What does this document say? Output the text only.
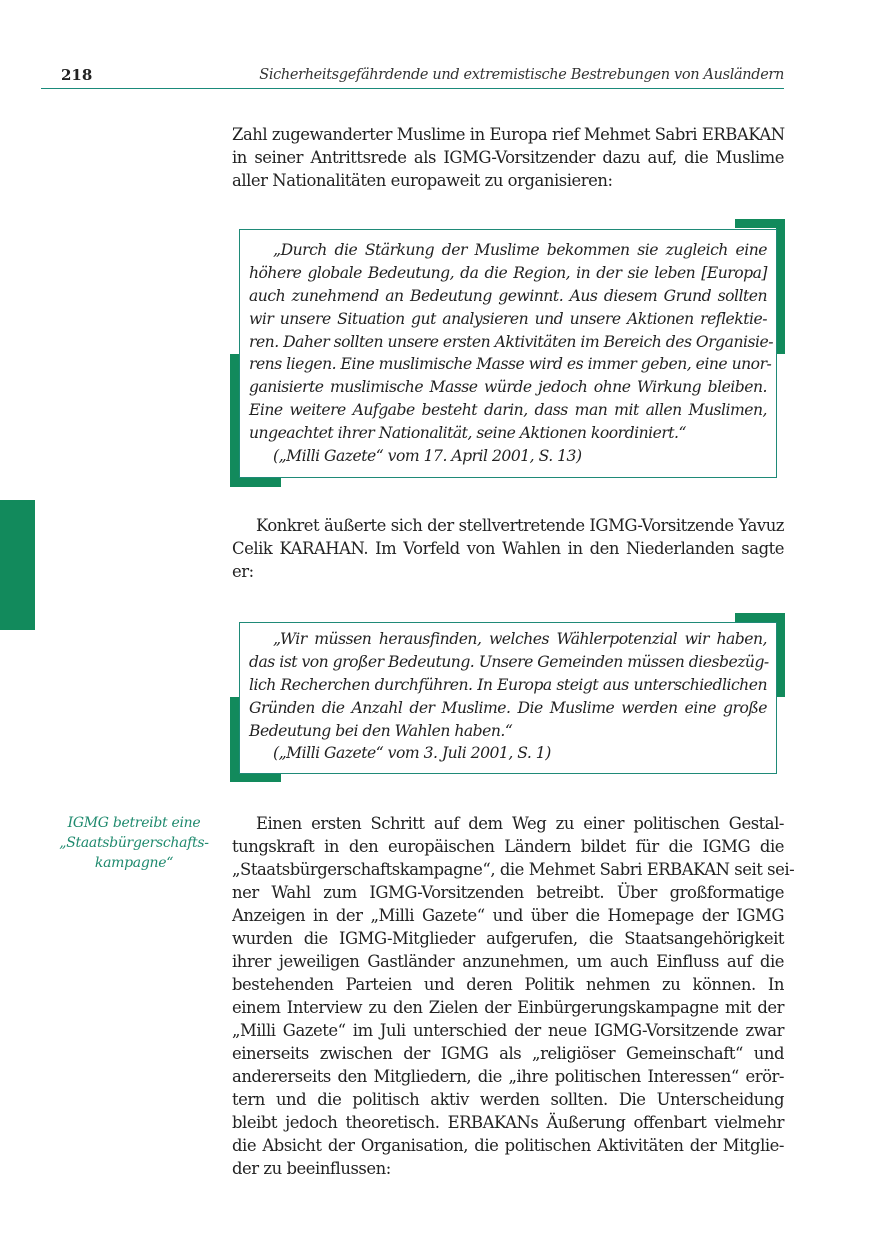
218	Sicherheitsgefährdende und extremistische Bestrebungen von Ausländern
Zahl zugewanderter Muslime in Europa rief Mehmet Sabri ERBAKAN
in seiner Antrittsrede als IGMG-Vorsitzender dazu auf, die Muslime
aller Nationalitäten europaweit zu organisieren:
„Durch die Stärkung der Muslime bekommen sie zugleich eine
höhere globale Bedeutung, da die Region, in der sie leben [Europa]
auch zunehmend an Bedeutung gewinnt. Aus diesem Grund sollten
wir unsere Situation gut analysieren und unsere Aktionen reflektie-
ren. Daher sollten unsere ersten Aktivitäten im Bereich des Organisie-
rens liegen. Eine muslimische Masse wird es immer geben, eine unor-
ganisierte muslimische Masse würde jedoch ohne Wirkung bleiben.
Eine weitere Aufgabe besteht darin, dass man mit allen Muslimen,
ungeachtet ihrer Nationalität, seine Aktionen koordiniert.“
(„Milli Gazete“ vom 17. April 2001, S. 13)
Konkret äußerte sich der stellvertretende IGMG-Vorsitzende Yavuz
Celik KARAHAN. Im Vorfeld von Wahlen in den Niederlanden sagte
er:
„Wir müssen herausfinden, welches Wählerpotenzial wir haben,
das ist von großer Bedeutung. Unsere Gemeinden müssen diesbezüg-
lich Recherchen durchführen. In Europa steigt aus unterschiedlichen
Gründen die Anzahl der Muslime. Die Muslime werden eine große
Bedeutung bei den Wahlen haben.“
(„Milli Gazete“ vom 3. Juli 2001, S. 1)
IGMG betreibt eine
„Staatsbürgerschafts-
kampagne“
Einen ersten Schritt auf dem Weg zu einer politischen Gestal-
tungskraft in den europäischen Ländern bildet für die IGMG die
„Staatsbürgerschaftskampagne“, die Mehmet Sabri ERBAKAN seit sei-
ner Wahl zum IGMG-Vorsitzenden betreibt. Über großformatige
Anzeigen in der „Milli Gazete“ und über die Homepage der IGMG
wurden die IGMG-Mitglieder aufgerufen, die Staatsangehörigkeit
ihrer jeweiligen Gastländer anzunehmen, um auch Einfluss auf die
bestehenden Parteien und deren Politik nehmen zu können. In
einem Interview zu den Zielen der Einbürgerungskampagne mit der
„Milli Gazete“ im Juli unterschied der neue IGMG-Vorsitzende zwar
einerseits zwischen der IGMG als „religiöser Gemeinschaft“ und
andererseits den Mitgliedern, die „ihre politischen Interessen“ erör-
tern und die politisch aktiv werden sollten. Die Unterscheidung
bleibt jedoch theoretisch. ERBAKANs Äußerung offenbart vielmehr
die Absicht der Organisation, die politischen Aktivitäten der Mitglie-
der zu beeinflussen:
